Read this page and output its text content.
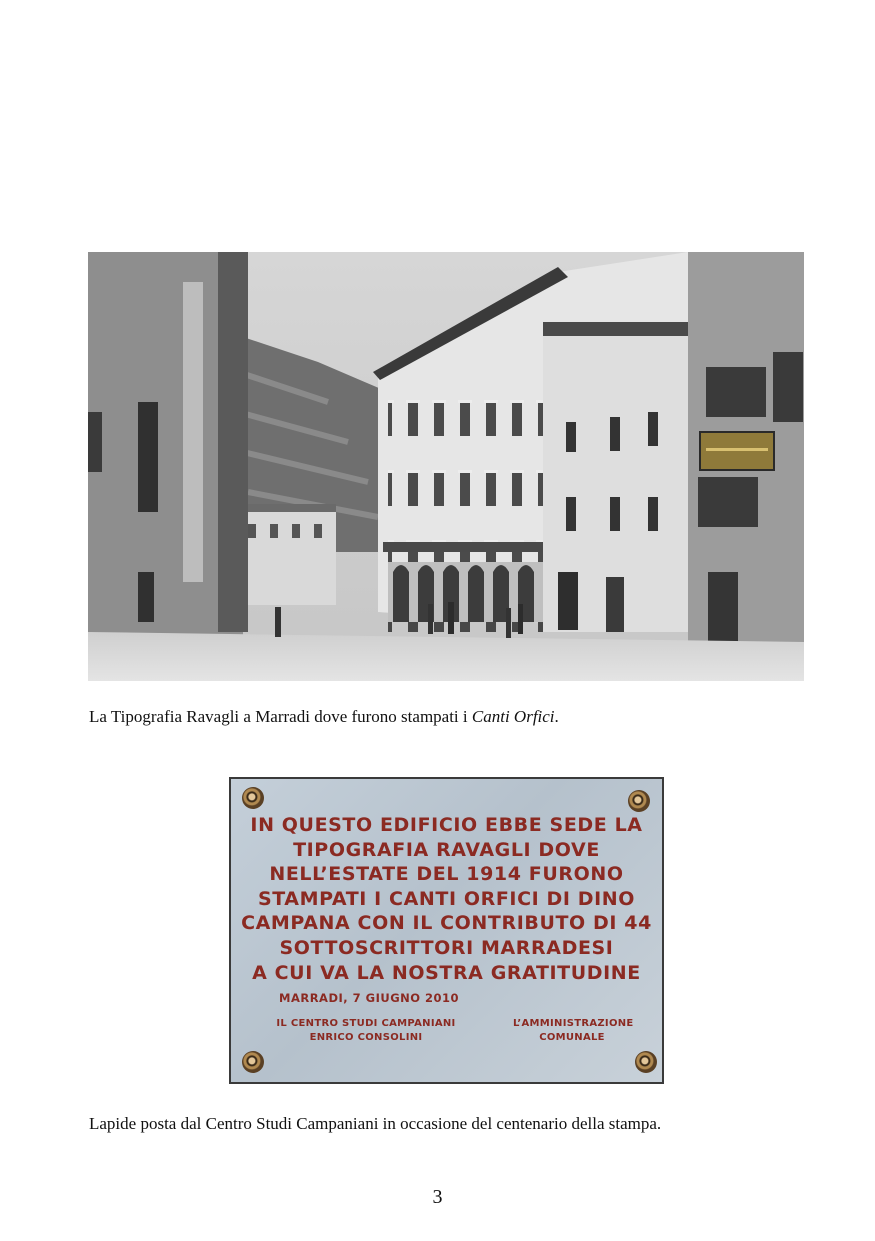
La Tipografia Ravagli a Marradi dove furono stampati i Canti Orfici.
IN QUESTO EDIFICIO EBBE SEDE LA
TIPOGRAFIA RAVAGLI DOVE
NELL’ESTATE DEL 1914 FURONO
STAMPATI I CANTI ORFICI DI DINO
CAMPANA CON IL CONTRIBUTO DI 44
SOTTOSCRITTORI MARRADESI
A CUI VA LA NOSTRA GRATITUDINE
MARRADI, 7 GIUGNO 2010
IL CENTRO STUDI CAMPANIANI
ENRICO CONSOLINI
L’AMMINISTRAZIONE
COMUNALE
Lapide posta dal Centro Studi Campaniani in occasione del centenario della stampa.
3
